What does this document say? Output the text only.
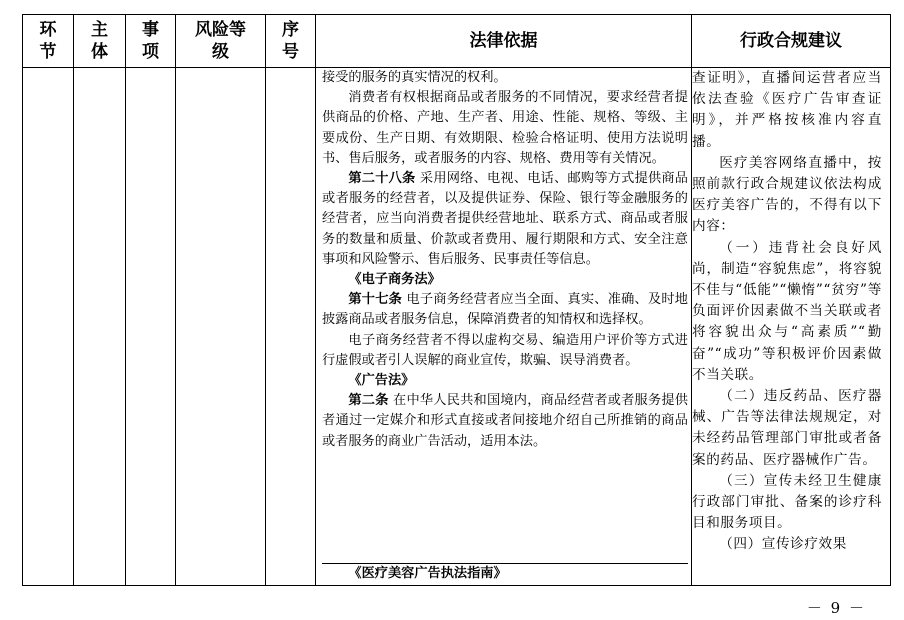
环
节
主
体
事
项
风险等
级
序
号
法律依据	行政合规建议

接受的服务的真实情况的权利。

消费者有权根据商品或者服务的不同情况，要求经营者提供商品的价格、产地、生产者、用途、性能、规格、等级、主要成份、生产日期、有效期限、检验合格证明、使用方法说明书、售后服务，或者服务的内容、规格、费用等有关情况。

第二十八条 采用网络、电视、电话、邮购等方式提供商品或者服务的经营者，以及提供证券、保险、银行等金融服务的经营者，应当向消费者提供经营地址、联系方式、商品或者服务的数量和质量、价款或者费用、履行期限和方式、安全注意事项和风险警示、售后服务、民事责任等信息。

《电子商务法》

第十七条 电子商务经营者应当全面、真实、准确、及时地披露商品或者服务信息，保障消费者的知情权和选择权。

电子商务经营者不得以虚构交易、编造用户评价等方式进行虚假或者引人误解的商业宣传，欺骗、误导消费者。

《广告法》

第二条 在中华人民共和国境内，商品经营者或者服务提供者通过一定媒介和形式直接或者间接地介绍自己所推销的商品或者服务的商业广告活动，适用本法。

《医疗美容广告执法指南》

查证明》，直播间运营者应当依法查验《医疗广告审查证明》，并严格按核准内容直播。

医疗美容网络直播中，按照前款行政合规建议依法构成医疗美容广告的，不得有以下内容：

（一）违背社会良好风尚，制造“容貌焦虑”，将容貌不佳与“低能”“懒惰”“贫穷”等负面评价因素做不当关联或者将容貌出众与“高素质”“勤奋”“成功”等积极评价因素做不当关联。

（二）违反药品、医疗器械、广告等法律法规规定，对未经药品管理部门审批或者备案的药品、医疗器械作广告。

（三）宣传未经卫生健康行政部门审批、备案的诊疗科目和服务项目。

（四）宣传诊疗效果

－ 9 －
